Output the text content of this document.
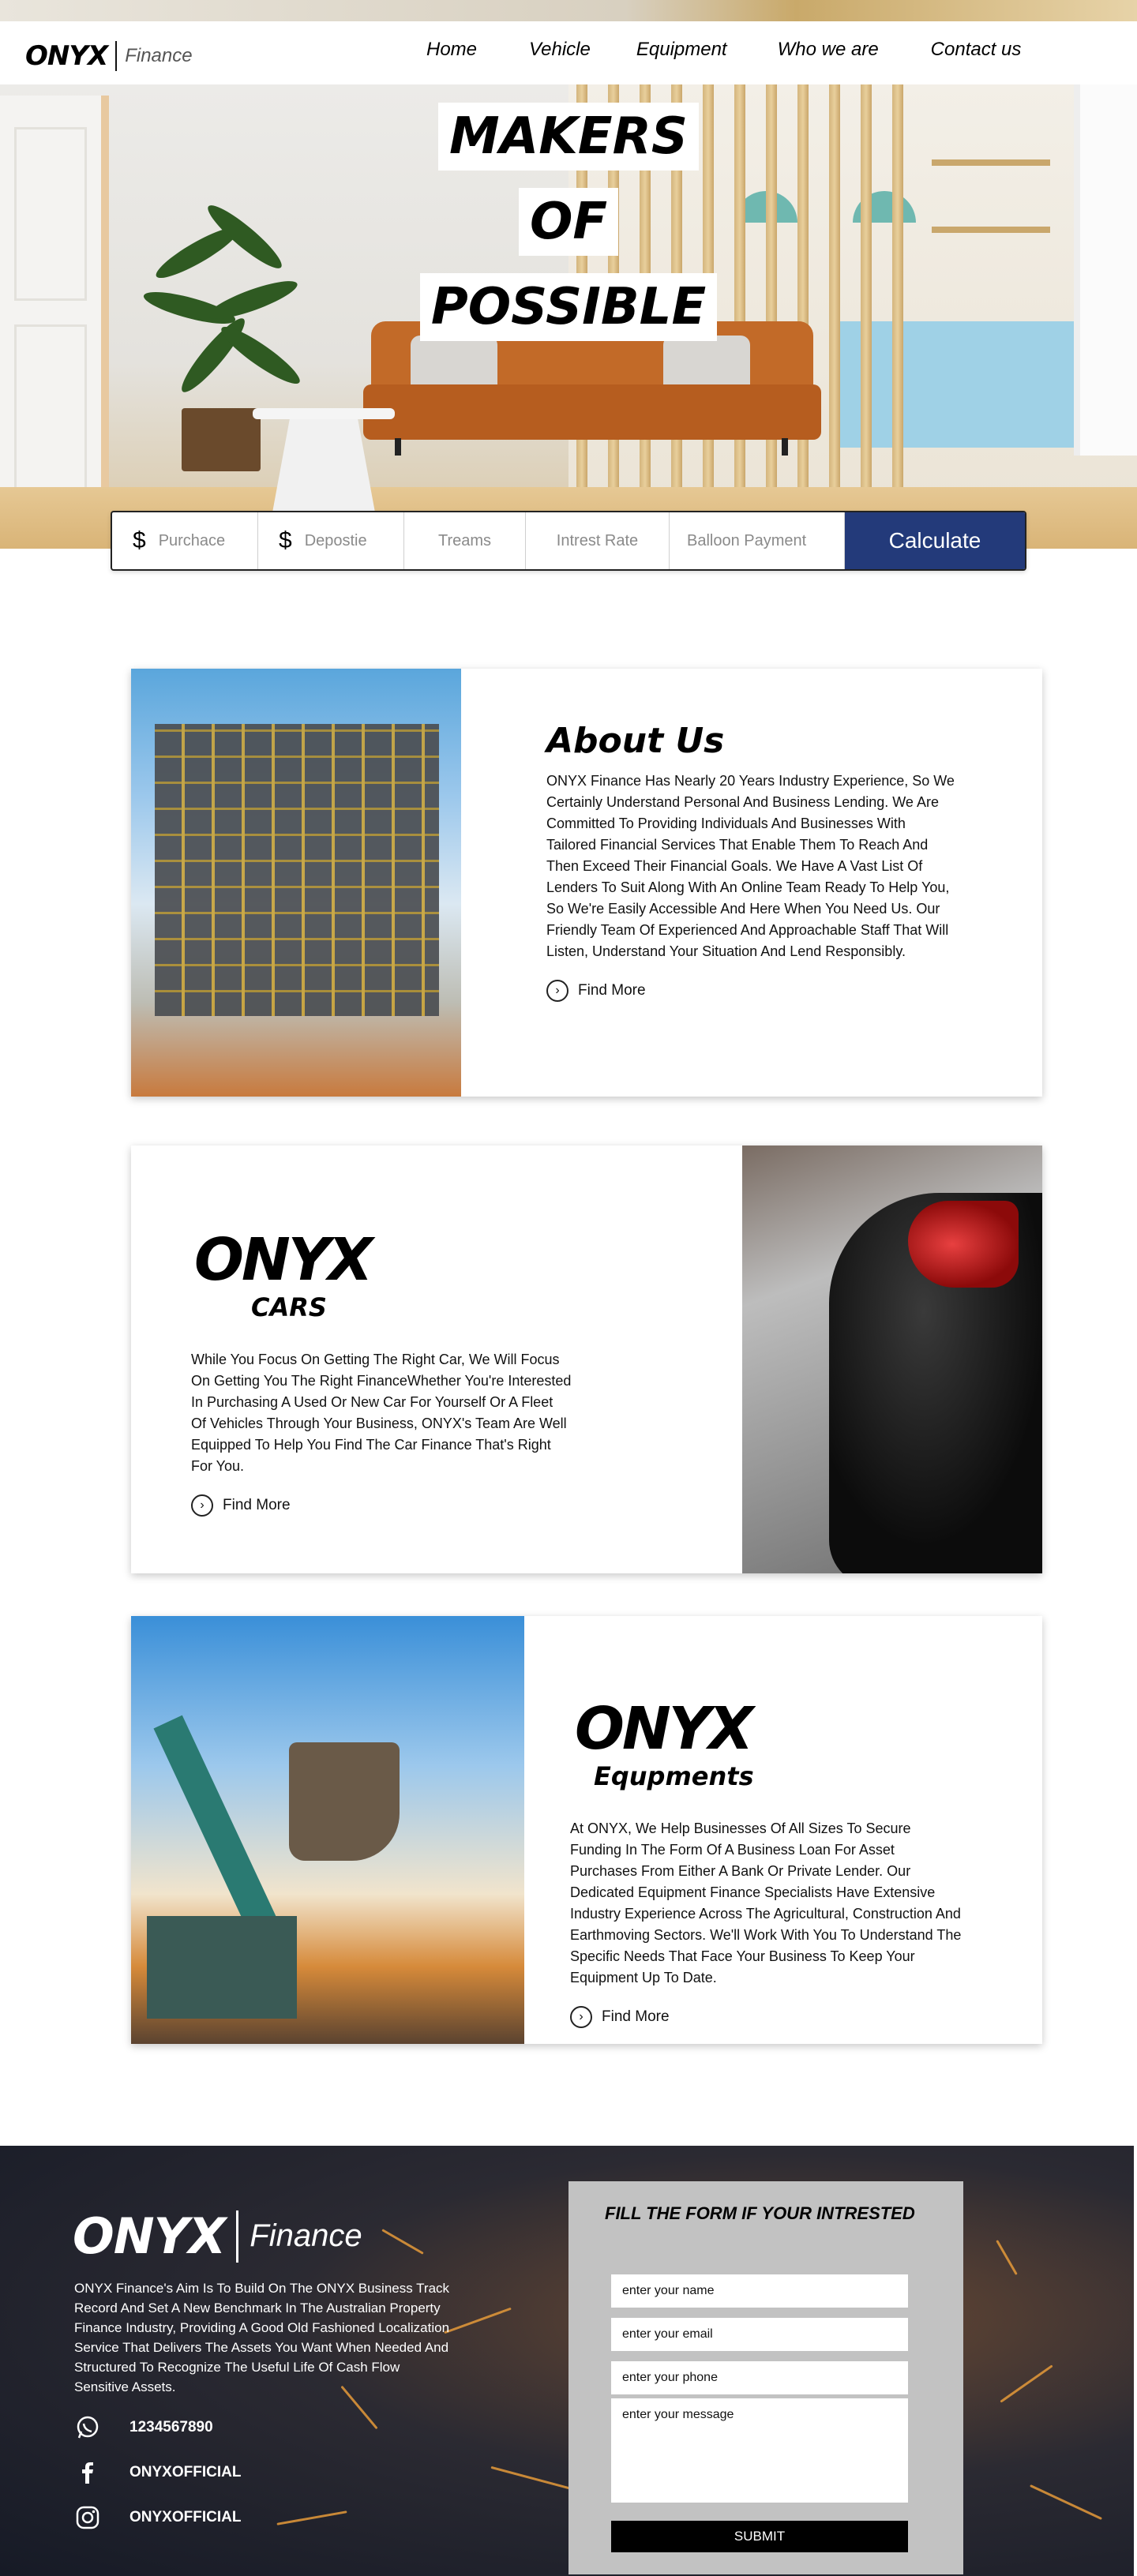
ONYX Finance	Home	Vehicle Equipment	Who we are	Contact us
MAKERS
OF
POSSIBLE
$ Purchace $ Depostie	Treams	Intrest Rate	Balloon Payment	Calculate
About Us

ONYX Finance Has Nearly 20 Years Industry Experience, So We Certainly Understand Personal And Business Lending. We Are Committed To Providing Individuals And Businesses With Tailored Financial Services That Enable Them To Reach And Then Exceed Their Financial Goals. We Have A Vast List Of Lenders To Suit Along With An Online Team Ready To Help You, So We're Easily Accessible And Here When You Need Us. Our Friendly Team Of Experienced And Approachable Staff That Will Listen, Understand Your Situation And Lend Responsibly.

›	Find More
ONYX
CARS

While You Focus On Getting The Right Car, We Will Focus On Getting You The Right FinanceWhether You're Interested In Purchasing A Used Or New Car For Yourself Or A Fleet Of Vehicles Through Your Business, ONYX's Team Are Well Equipped To Help You Find The Car Finance That's Right For You.

›	Find More
ONYX
Equpments

At ONYX, We Help Businesses Of All Sizes To Secure Funding In The Form Of A Business Loan For Asset Purchases From Either A Bank Or Private Lender. Our Dedicated Equipment Finance Specialists Have Extensive Industry Experience Across The Agricultural, Construction And Earthmoving Sectors. We'll Work With You To Understand The Specific Needs That Face Your Business To Keep Your Equipment Up To Date.

›	Find More
ONYX Finance

ONYX Finance's Aim Is To Build On The ONYX Business Track Record And Set A New Benchmark In The Australian Property Finance Industry, Providing A Good Old Fashioned Localization Service That Delivers The Assets You Want When Needed And Structured To Recognize The Useful Life Of Cash Flow Sensitive Assets.

1234567890
ONYXOFFICIAL
ONYXOFFICIAL
FILL THE FORM IF YOUR INTRESTED
enter your name
enter your email
enter your phone
enter your message
SUBMIT
